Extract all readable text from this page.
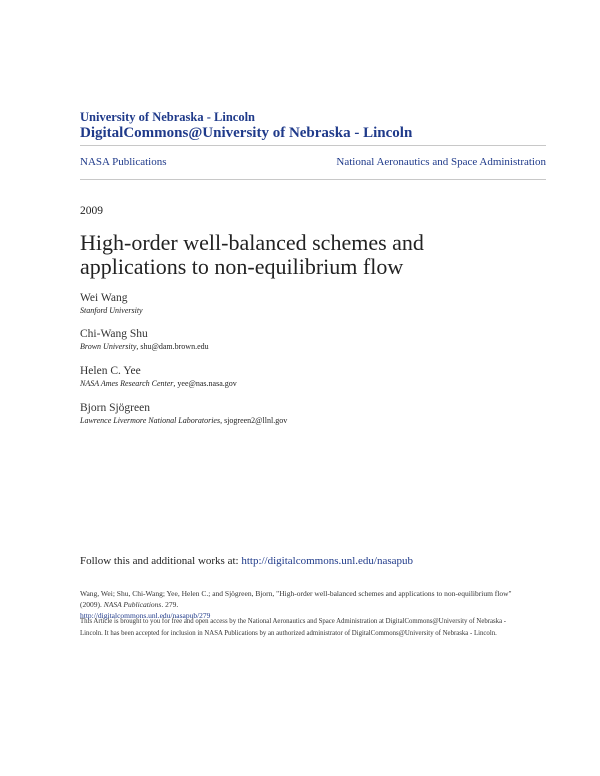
University of Nebraska - Lincoln
DigitalCommons@University of Nebraska - Lincoln
NASA Publications	National Aeronautics and Space Administration
2009
High-order well-balanced schemes and applications to non-equilibrium flow
Wei Wang
Stanford University
Chi-Wang Shu
Brown University, shu@dam.brown.edu
Helen C. Yee
NASA Ames Research Center, yee@nas.nasa.gov
Bjorn Sjögreen
Lawrence Livermore National Laboratories, sjogreen2@llnl.gov
Follow this and additional works at: http://digitalcommons.unl.edu/nasapub
Wang, Wei; Shu, Chi-Wang; Yee, Helen C.; and Sjögreen, Bjorn, "High-order well-balanced schemes and applications to non-equilibrium flow" (2009). NASA Publications. 279.
http://digitalcommons.unl.edu/nasapub/279
This Article is brought to you for free and open access by the National Aeronautics and Space Administration at DigitalCommons@University of Nebraska - Lincoln. It has been accepted for inclusion in NASA Publications by an authorized administrator of DigitalCommons@University of Nebraska - Lincoln.
